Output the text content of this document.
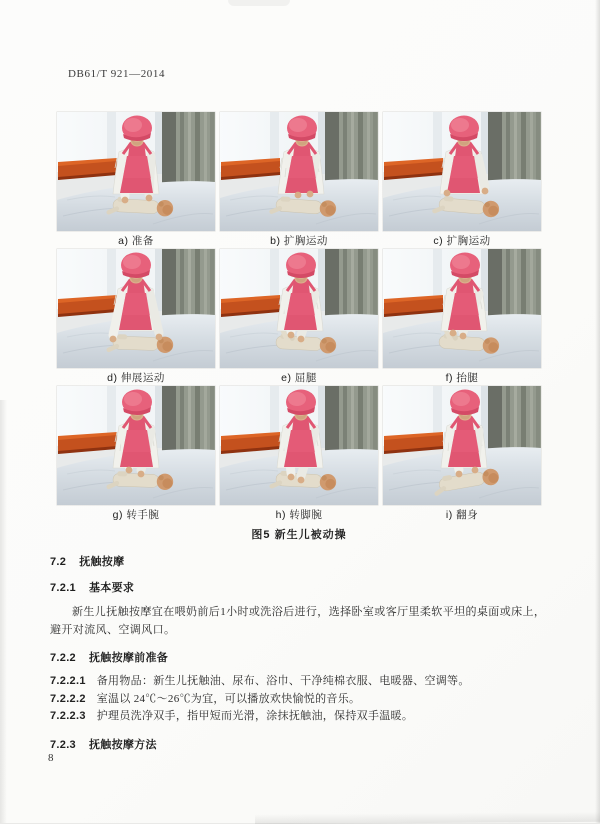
DB61/T 921—2014
a) 准备	b) 扩胸运动	c) 扩胸运动
d) 伸展运动	e) 屈腿	f) 抬腿
g) 转手腕	h) 转脚腕	i) 翻身
图5 新生儿被动操
7.2 抚触按摩
7.2.1 基本要求
新生儿抚触按摩宜在喂奶前后1小时或洗浴后进行，选择卧室或客厅里柔软平坦的桌面或床上，避开对流风、空调风口。
7.2.2 抚触按摩前准备
7.2.2.1 备用物品：新生儿抚触油、尿布、浴巾、干净纯棉衣服、电暖器、空调等。
7.2.2.2 室温以 24℃～26℃为宜，可以播放欢快愉悦的音乐。
7.2.2.3 护理员洗净双手，指甲短而光滑，涂抹抚触油，保持双手温暖。
7.2.3 抚触按摩方法
8
